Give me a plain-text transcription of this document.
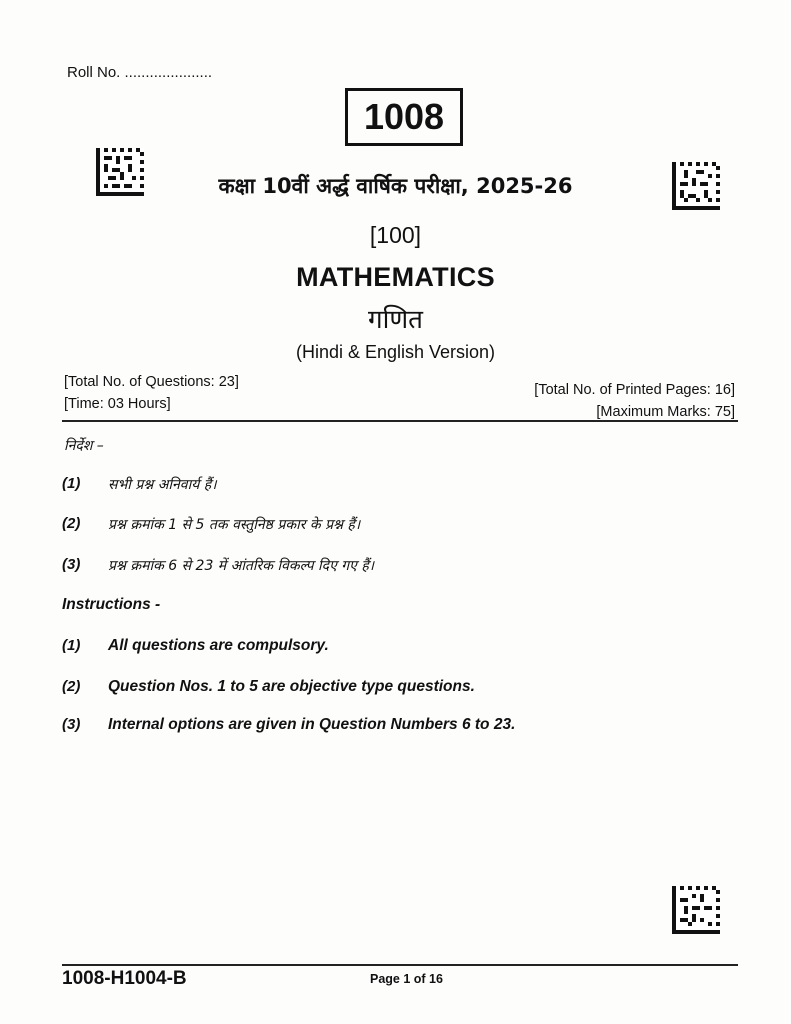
Roll No. .....................
1008
कक्षा 10वीं अर्द्ध वार्षिक परीक्षा, 2025-26
[100]
MATHEMATICS
गणित
(Hindi & English Version)
[Total No. of Questions: 23]
[Time: 03 Hours]
[Total No. of Printed Pages: 16]
[Maximum Marks: 75]
निर्देश –
(1)	सभी प्रश्न अनिवार्य हैं।
(2)	प्रश्न क्रमांक 1 से 5 तक वस्तुनिष्ठ प्रकार के प्रश्न हैं।
(3)	प्रश्न क्रमांक 6 से 23 में आंतरिक विकल्प दिए गए हैं।
Instructions -
(1)	All questions are compulsory.
(2)	Question Nos. 1 to 5 are objective type questions.
(3)	Internal options are given in Question Numbers 6 to 23.
1008-H1004-B	Page 1 of 16
